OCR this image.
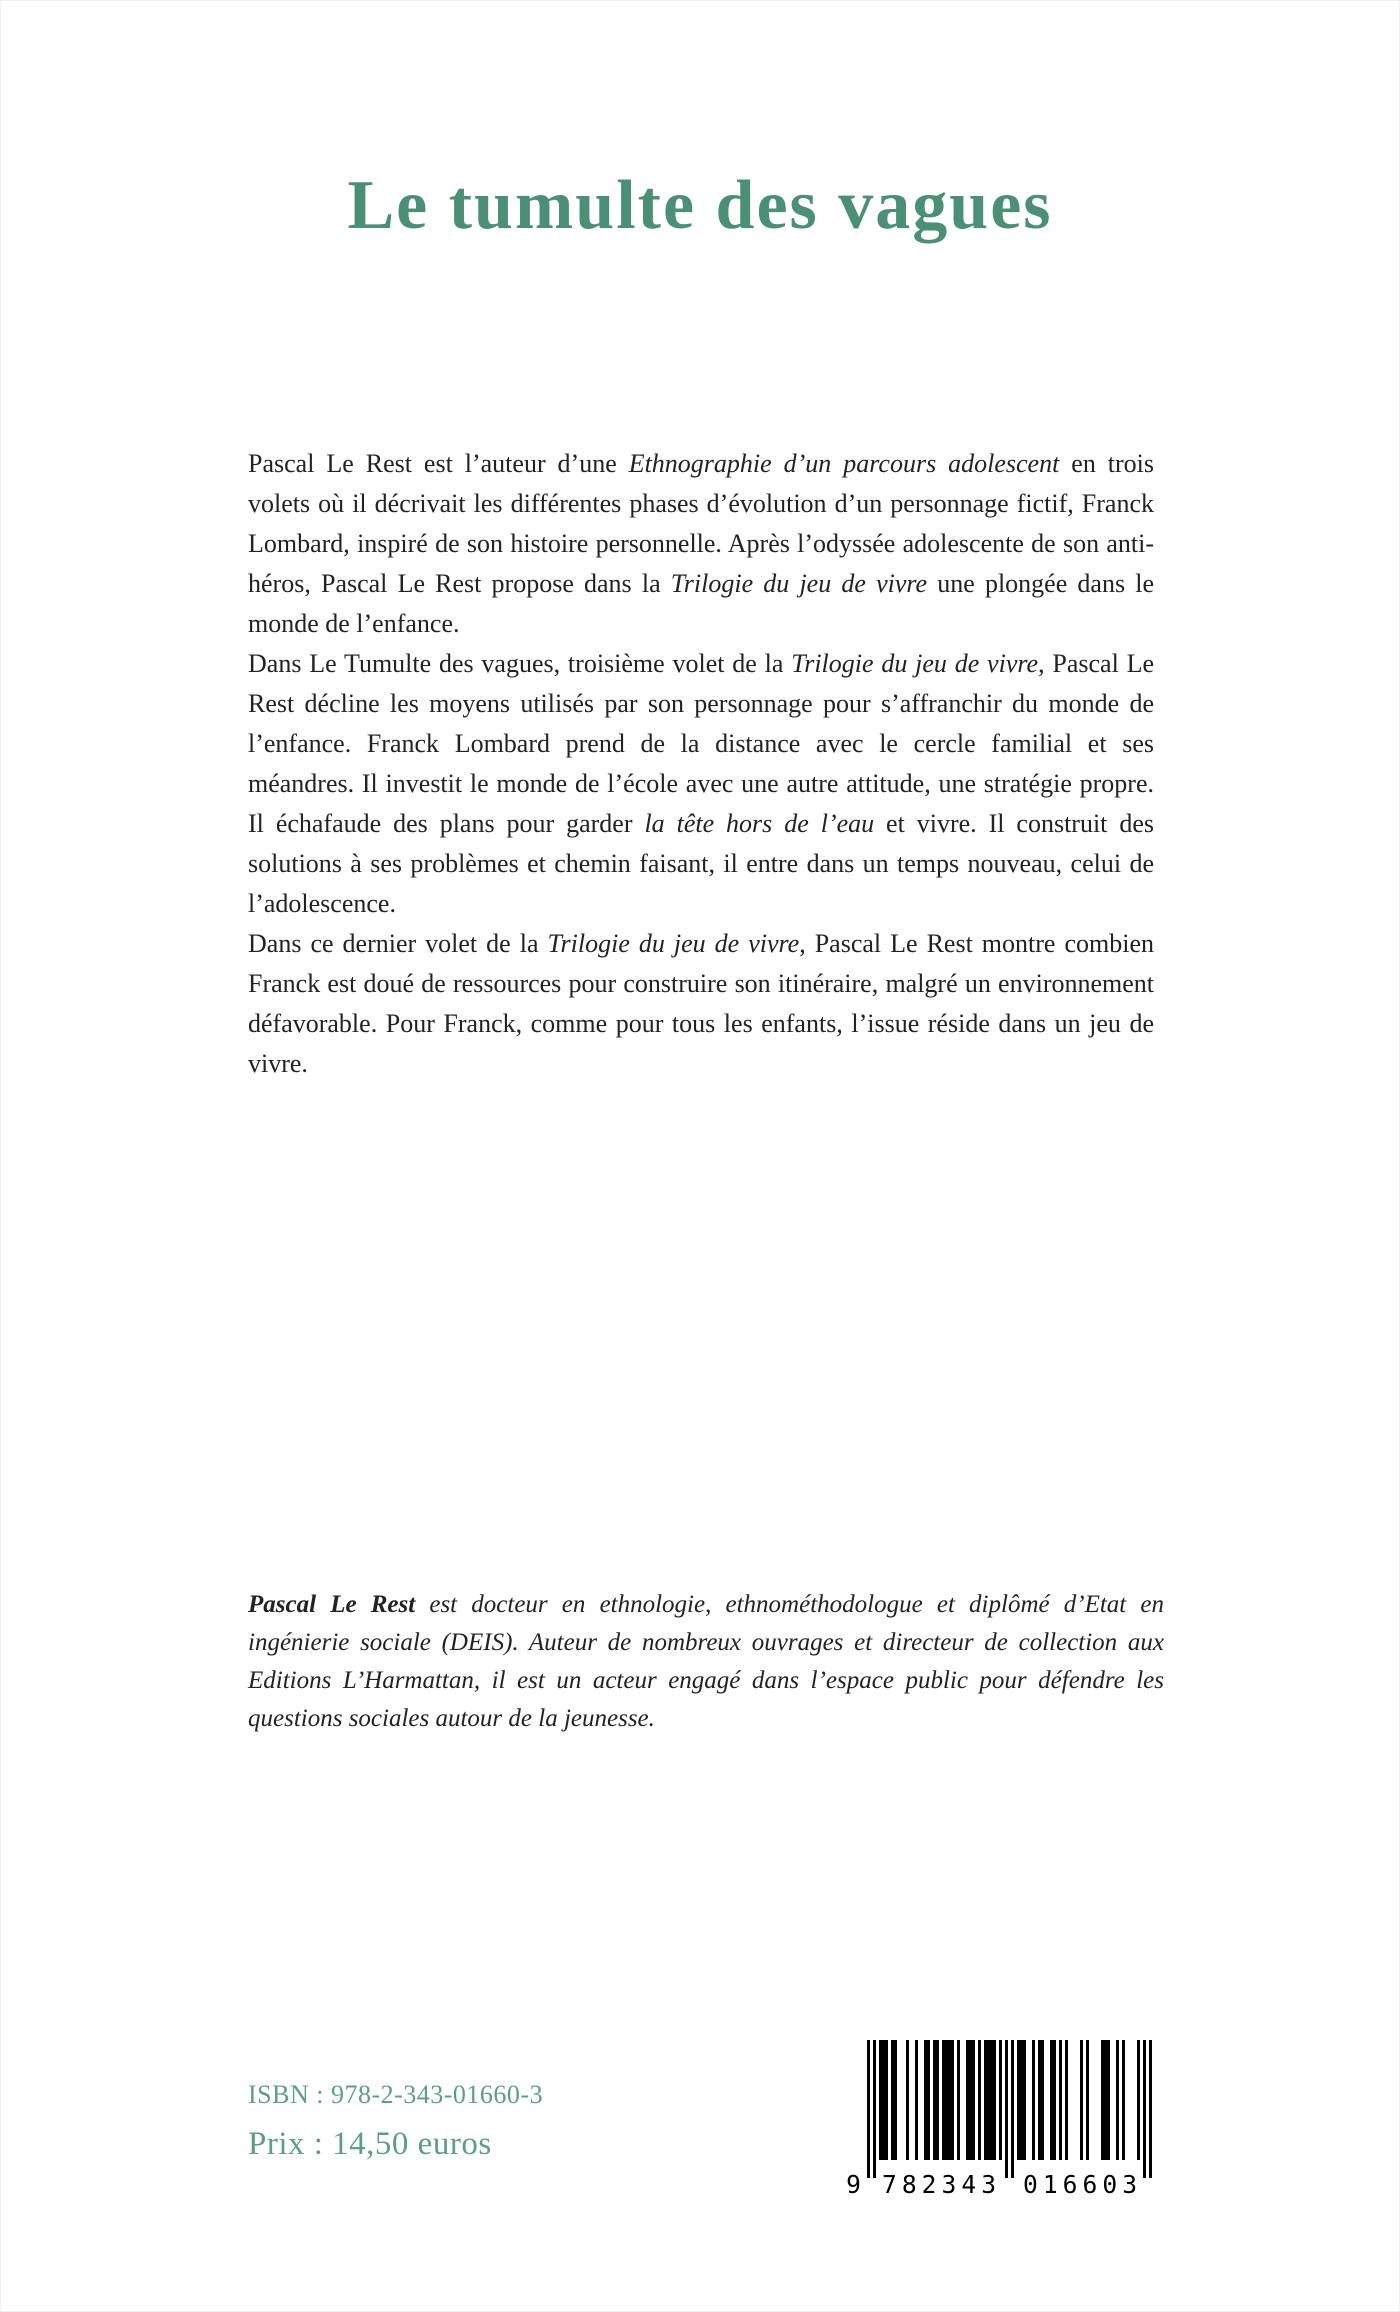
Le tumulte des vagues

Pascal Le Rest est l’auteur d’une Ethnographie d’un parcours adolescent en trois volets où il décrivait les différentes phases d’évolution d’un personnage fictif, Franck Lombard, inspiré de son histoire personnelle. Après l’odyssée adolescente de son anti-héros, Pascal Le Rest propose dans la Trilogie du jeu de vivre une plongée dans le monde de l’enfance.

Dans Le Tumulte des vagues, troisième volet de la Trilogie du jeu de vivre, Pascal Le Rest décline les moyens utilisés par son personnage pour s’affranchir du monde de l’enfance. Franck Lombard prend de la distance avec le cercle familial et ses méandres. Il investit le monde de l’école avec une autre attitude, une stratégie propre. Il échafaude des plans pour garder la tête hors de l’eau et vivre. Il construit des solutions à ses problèmes et chemin faisant, il entre dans un temps nouveau, celui de l’adolescence.

Dans ce dernier volet de la Trilogie du jeu de vivre, Pascal Le Rest montre combien Franck est doué de ressources pour construire son itinéraire, malgré un environnement défavorable. Pour Franck, comme pour tous les enfants, l’issue réside dans un jeu de vivre.

Pascal Le Rest est docteur en ethnologie, ethnométhodologue et diplômé d’Etat en ingénierie sociale (DEIS). Auteur de nombreux ouvrages et directeur de collection aux Editions L’Harmattan, il est un acteur engagé dans l’espace public pour défendre les questions sociales autour de la jeunesse.

ISBN : 978-2-343-01660-3

Prix : 14,50 euros

9	782343	016603
